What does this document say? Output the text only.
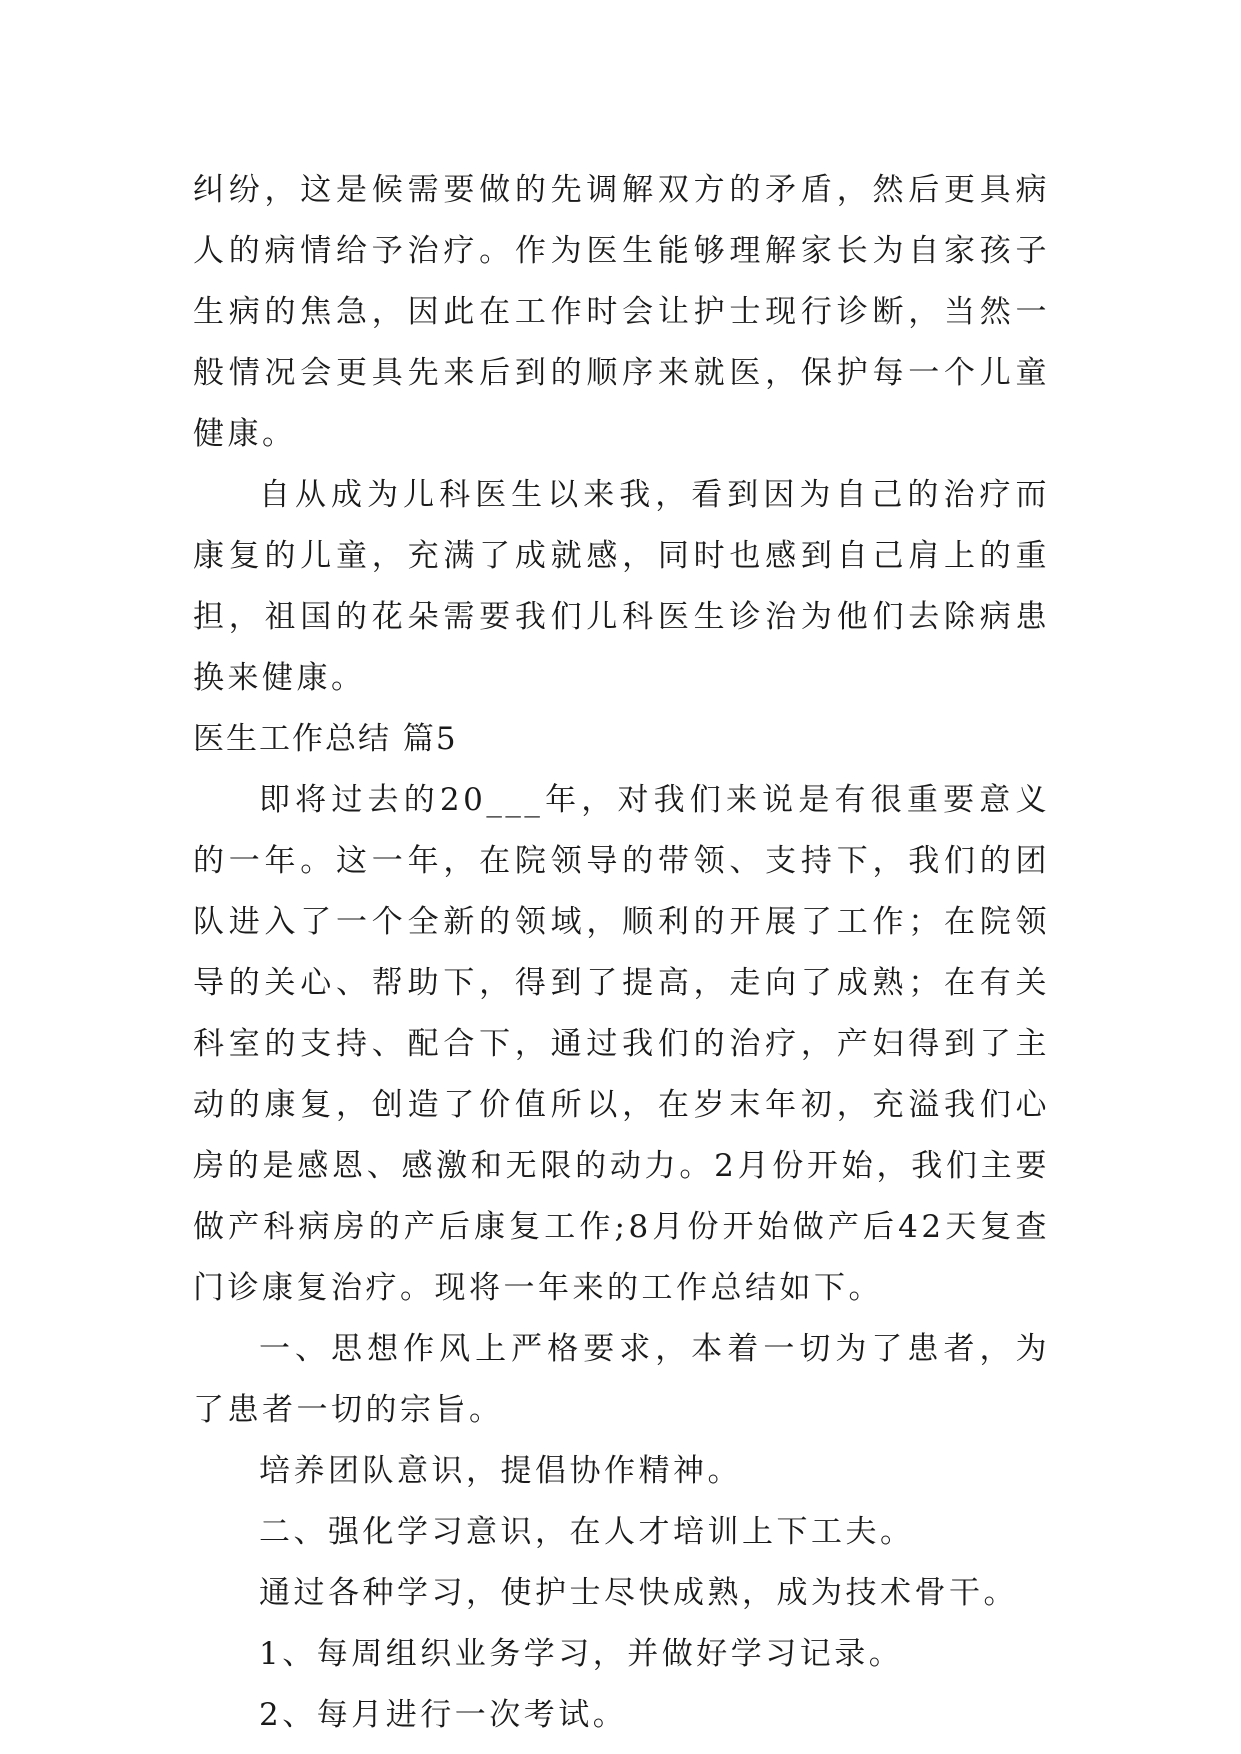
纠纷，这是候需要做的先调解双方的矛盾，然后更具病人的病情给予治疗。作为医生能够理解家长为自家孩子生病的焦急，因此在工作时会让护士现行诊断，当然一般情况会更具先来后到的顺序来就医，保护每一个儿童健康。

自从成为儿科医生以来我，看到因为自己的治疗而康复的儿童，充满了成就感，同时也感到自己肩上的重担，祖国的花朵需要我们儿科医生诊治为他们去除病患换来健康。

医生工作总结 篇5

即将过去的20___年，对我们来说是有很重要意义的一年。这一年，在院领导的带领、支持下，我们的团队进入了一个全新的领域，顺利的开展了工作；在院领导的关心、帮助下，得到了提高，走向了成熟；在有关科室的支持、配合下，通过我们的治疗，产妇得到了主动的康复，创造了价值所以，在岁末年初，充溢我们心房的是感恩、感激和无限的动力。2月份开始，我们主要做产科病房的产后康复工作;8月份开始做产后42天复查门诊康复治疗。现将一年来的工作总结如下。

一、思想作风上严格要求，本着一切为了患者，为了患者一切的宗旨。

培养团队意识，提倡协作精神。

二、强化学习意识，在人才培训上下工夫。

通过各种学习，使护士尽快成熟，成为技术骨干。

1、每周组织业务学习，并做好学习记录。

2、每月进行一次考试。
